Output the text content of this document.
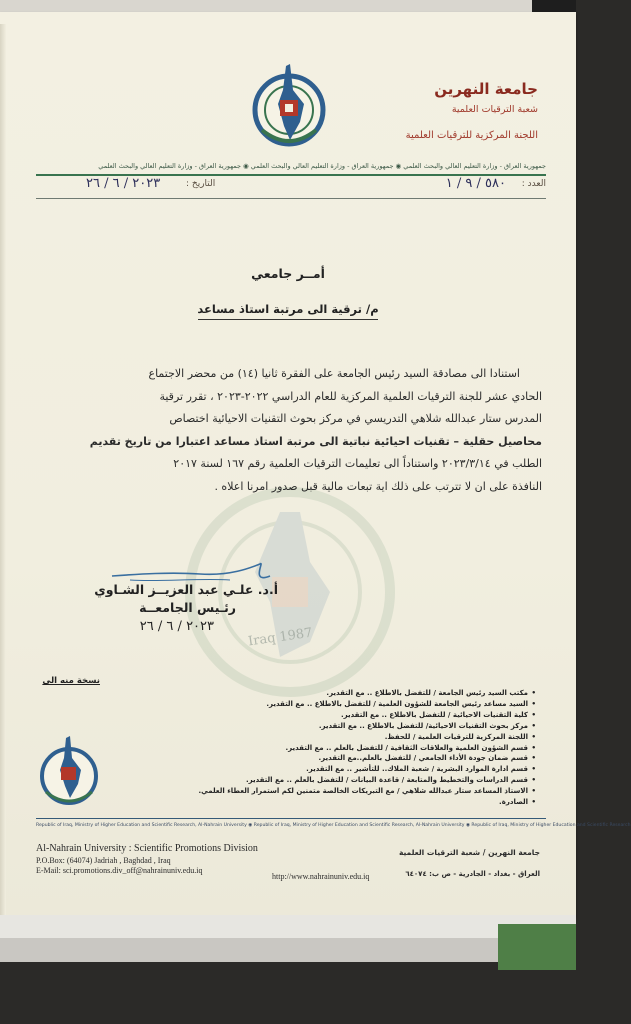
Iraq 1987
جامعة النهرين
شعبة الترقيات العلمية
اللجنة المركزية للترقيات العلمية
جمهورية العراق - وزارة التعليم العالي والبحث العلمي ◉ جمهورية العراق - وزارة التعليم العالي والبحث العلمي ◉ جمهورية العراق - وزارة التعليم العالي والبحث العلمي
العدد :
٥٨٠ / ٩ / ١
التاريخ :
٢٠٢٣ / ٦ / ٢٦
أمــر جامعي
م/ ترقية الى مرتبة استاذ مساعد
استنادا الى مصادقة السيد رئيس الجامعة على الفقرة ثانيا (١٤) من محضر الاجتماع
الحادي عشر للجنة الترقيات العلمية المركزية للعام الدراسي ٢٠٢٢-٢٠٢٣ ، تقرر ترقية
المدرس ستار عبدالله شلاهي التدريسي في مركز بحوث التقنيات الاحيائية اختصاص
محاصيل حقلية – تقنيات احيائية نباتية الى مرتبة استاذ مساعد اعتبارا من تاريخ تقديم
الطلب في ٢٠٢٣/٣/١٤ واستناداً الى تعليمات الترقيات العلمية رقم ١٦٧ لسنة ٢٠١٧
النافذة على ان لا تترتب على ذلك اية تبعات مالية قبل صدور امرنا اعلاه .
أ.د. علـي عبد العزيــز الشـاوي
رئـيس الجامعــة
٢٠٢٣ / ٦ / ٢٦
نسخة منه الى
• مكتب السيد رئيس الجامعة / للتفضل بالاطلاع .. مع التقدير.
• السيد مساعد رئيس الجامعة للشؤون العلمية / للتفضل بالاطلاع .. مع التقدير.
• كلية التقنيات الاحيائية / للتفضل بالاطلاع .. مع التقدير.
• مركز بحوث التقنيات الاحيائية/ للتفضل بالاطلاع .. مع التقدير.
• اللجنة المركزية للترقيات العلمية / للحفظ.
• قسم الشؤون العلمية والعلاقات الثقافية / للتفضل بالعلم .. مع التقدير.
• قسم ضمان جودة الأداء الجامعي / للتفضل بالعلم..مع التقدير.
• قسم ادارة الموارد البشرية / شعبة الملاك.. للتأشير .. مع التقدير.
• قسم الدراسات والتخطيط والمتابعة / قاعدة البيانات / للتفضل بالعلم .. مع التقدير.
• الاستاذ المساعد ستار عبدالله شلاهي / مع التبريكات الخالصة متمنين لكم استمرار العطاء العلمي.
• الصادرة.
Republic of Iraq, Ministry of Higher Education and Scientific Research, Al-Nahrain University ◉ Republic of Iraq, Ministry of Higher Education and Scientific Research, Al-Nahrain University ◉ Republic of Iraq, Ministry of Higher Education and Scientific Research
Al-Nahrain University : Scientific Promotions Division
P.O.Box: (64074) Jadriah , Baghdad , Iraq
E-Mail: sci.promotions.div_off@nahrainuniv.edu.iq
http://www.nahrainuniv.edu.iq
جامعة النهرين / شعبة الترقيات العلمية
العراق - بغداد - الجادرية - ص ب: ٦٤٠٧٤
